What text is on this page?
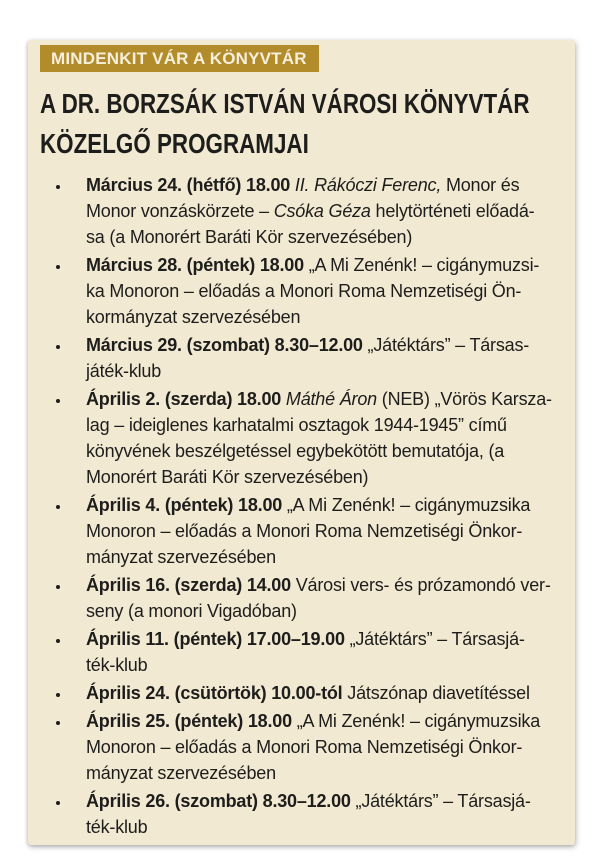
MINDENKIT VÁR A KÖNYVTÁR
A DR. BORZSÁK ISTVÁN VÁROSI KÖNYVTÁR
KÖZELGŐ PROGRAMJAI
Március 24. (hétfő) 18.00 II. Rákóczi Ferenc, Monor és
Monor vonzáskörzete – Csóka Géza helytörténeti előadá-
sa (a Monorért Baráti Kör szervezésében)
Március 28. (péntek) 18.00 „A Mi Zenénk! – cigánymuzsi-
ka Monoron – előadás a Monori Roma Nemzetiségi Ön-
kormányzat szervezésében
Március 29. (szombat) 8.30–12.00 „Játéktárs” – Társas-
játék-klub
Április 2. (szerda) 18.00 Máthé Áron (NEB) „Vörös Karsza-
lag – ideiglenes karhatalmi osztagok 1944-1945” című
könyvének beszélgetéssel egybekötött bemutatója, (a
Monorért Baráti Kör szervezésében)
Április 4. (péntek) 18.00 „A Mi Zenénk! – cigánymuzsika
Monoron – előadás a Monori Roma Nemzetiségi Önkor-
mányzat szervezésében
Április 16. (szerda) 14.00 Városi vers- és prózamondó ver-
seny (a monori Vigadóban)
Április 11. (péntek) 17.00–19.00 „Játéktárs” – Társasjá-
ték-klub
Április 24. (csütörtök) 10.00-tól Játszónap diavetítéssel
Április 25. (péntek) 18.00 „A Mi Zenénk! – cigánymuzsika
Monoron – előadás a Monori Roma Nemzetiségi Önkor-
mányzat szervezésében
Április 26. (szombat) 8.30–12.00 „Játéktárs” – Társasjá-
ték-klub
